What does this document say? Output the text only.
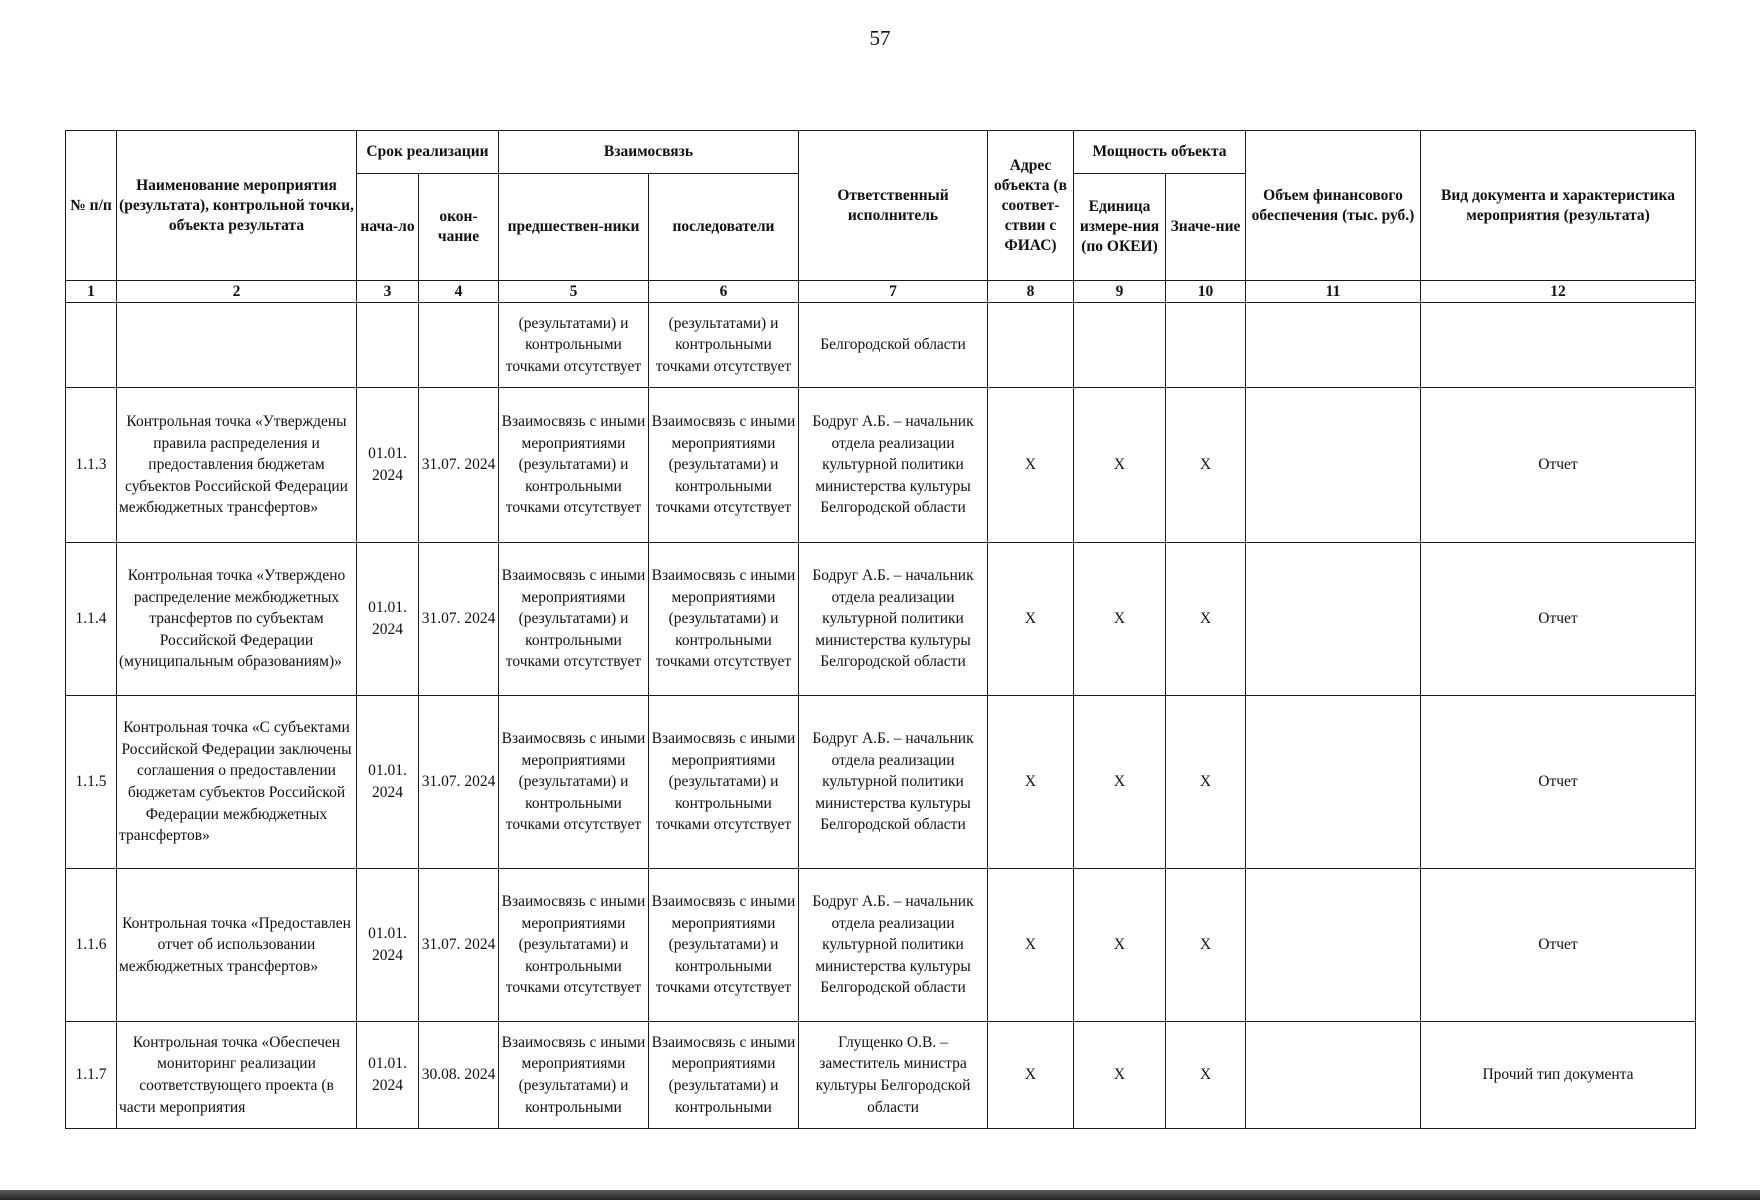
57
№ п/п	Наименование мероприятия (результата), контрольной точки, объекта результата	Срок реализации		Взаимосвязь		Ответственный исполнитель	Адрес объекта (в соответ-ствии с ФИАС)	Мощность объекта		Объем финансового обеспечения (тыс. руб.)	Вид документа и характеристика мероприятия (результата)
		нача-ло	окон-чание	предшествен-ники	последователи			Единица измере-ния (по ОКЕИ)	Значе-ние		
1	2	3	4	5	6	7	8	9	10	11	12
				(результатами) и контрольными точками отсутствует	(результатами) и контрольными точками отсутствует	Белгородской области					
1.1.3	Контрольная точка «Утверждены правила распределения и предоставления бюджетам субъектов Российской Федерации межбюджетных трансфертов»	01.01. 2024	31.07. 2024	Взаимосвязь с иными мероприятиями (результатами) и контрольными точками отсутствует	Взаимосвязь с иными мероприятиями (результатами) и контрольными точками отсутствует	Бодруг А.Б. – начальник отдела реализации культурной политики министерства культуры Белгородской области	X	X	X		Отчет
1.1.4	Контрольная точка «Утверждено распределение межбюджетных трансфертов по субъектам Российской Федерации (муниципальным образованиям)»	01.01. 2024	31.07. 2024	Взаимосвязь с иными мероприятиями (результатами) и контрольными точками отсутствует	Взаимосвязь с иными мероприятиями (результатами) и контрольными точками отсутствует	Бодруг А.Б. – начальник отдела реализации культурной политики министерства культуры Белгородской области	X	X	X		Отчет
1.1.5	Контрольная точка «С субъектами Российской Федерации заключены соглашения о предоставлении бюджетам субъектов Российской Федерации межбюджетных трансфертов»	01.01. 2024	31.07. 2024	Взаимосвязь с иными мероприятиями (результатами) и контрольными точками отсутствует	Взаимосвязь с иными мероприятиями (результатами) и контрольными точками отсутствует	Бодруг А.Б. – начальник отдела реализации культурной политики министерства культуры Белгородской области	X	X	X		Отчет
1.1.6	Контрольная точка «Предоставлен отчет об использовании межбюджетных трансфертов»	01.01. 2024	31.07. 2024	Взаимосвязь с иными мероприятиями (результатами) и контрольными точками отсутствует	Взаимосвязь с иными мероприятиями (результатами) и контрольными точками отсутствует	Бодруг А.Б. – начальник отдела реализации культурной политики министерства культуры Белгородской области	X	X	X		Отчет
1.1.7	Контрольная точка «Обеспечен мониторинг реализации соответствующего проекта (в части мероприятия	01.01. 2024	30.08. 2024	Взаимосвязь с иными мероприятиями (результатами) и контрольными	Взаимосвязь с иными мероприятиями (результатами) и контрольными	Глущенко О.В. – заместитель министра культуры Белгородской области	X	X	X		Прочий тип документа
